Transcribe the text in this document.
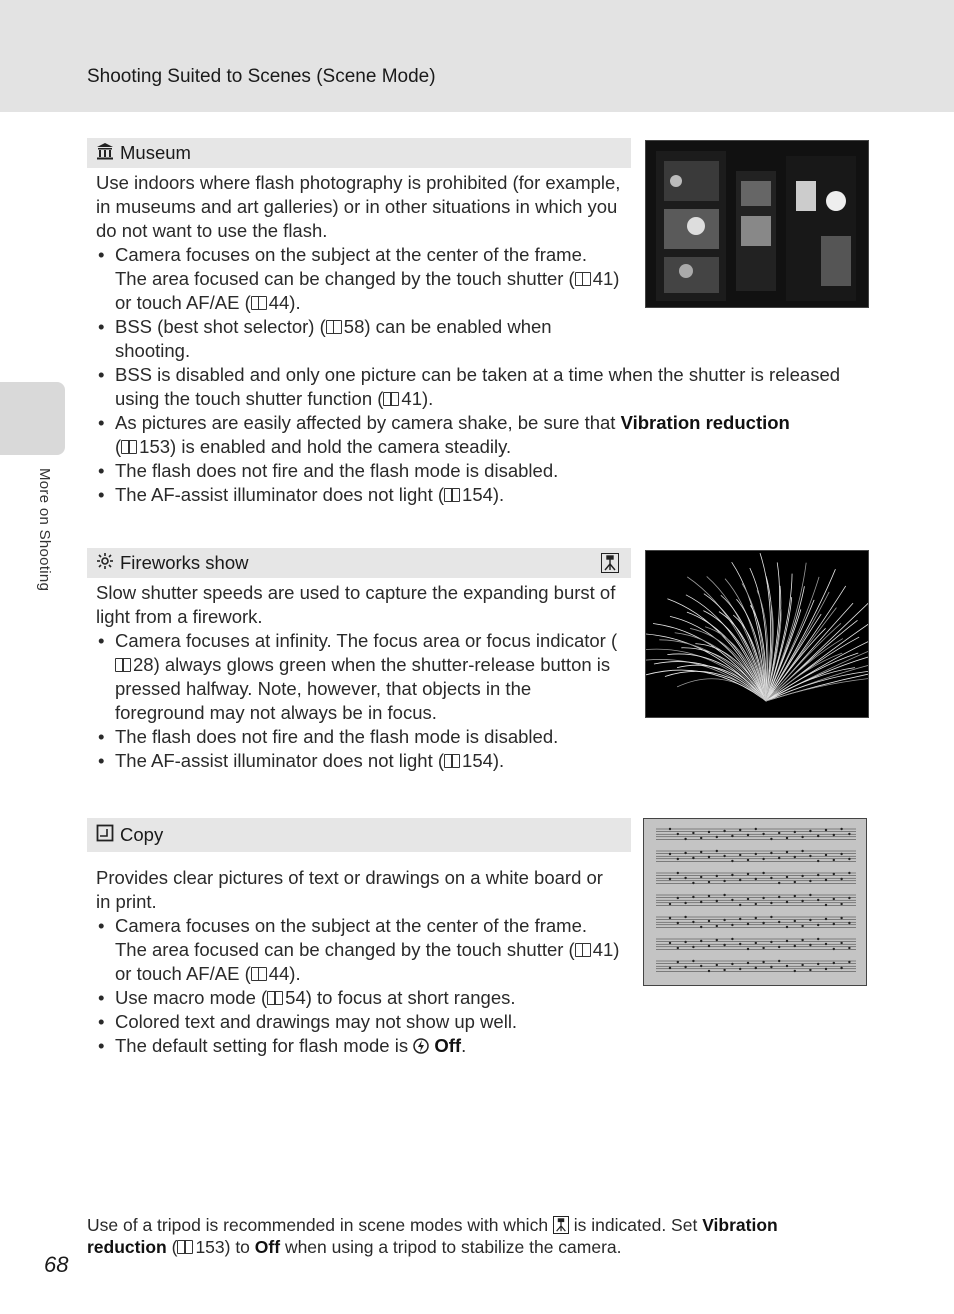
Shooting Suited to Scenes (Scene Mode)
More on Shooting
Museum

Use indoors where flash photography is prohibited (for example, in museums and art galleries) or in other situations in which you do not want to use the flash.

• Camera focuses on the subject at the center of the frame. The area focused can be changed by the touch shutter ( 41) or touch AF/AE ( 44).

• BSS (best shot selector) ( 58) can be enabled when shooting.

• BSS is disabled and only one picture can be taken at a time when the shutter is released using the touch shutter function ( 41).

• As pictures are easily affected by camera shake, be sure that Vibration reduction
( 153) is enabled and hold the camera steadily.

• The flash does not fire and the flash mode is disabled.

• The AF-assist illuminator does not light ( 154).

Fireworks show

Slow shutter speeds are used to capture the expanding burst of light from a firework.

• Camera focuses at infinity. The focus area or focus indicator (28) always glows green when the shutter-release button is pressed halfway. Note, however, that objects in the foreground may not always be in focus.

• The flash does not fire and the flash mode is disabled.

• The AF-assist illuminator does not light ( 154).

Copy

Provides clear pictures of text or drawings on a white board or in print.

• Camera focuses on the subject at the center of the frame. The area focused can be changed by the touch shutter ( 41) or touch AF/AE ( 44).

• Use macro mode ( 54) to focus at short ranges.

• Colored text and drawings may not show up well.

• The default setting for flash mode is  Off.

Use of a tripod is recommended in scene modes with which  is indicated. Set Vibration reduction ( 153) to Off when using a tripod to stabilize the camera.
68
